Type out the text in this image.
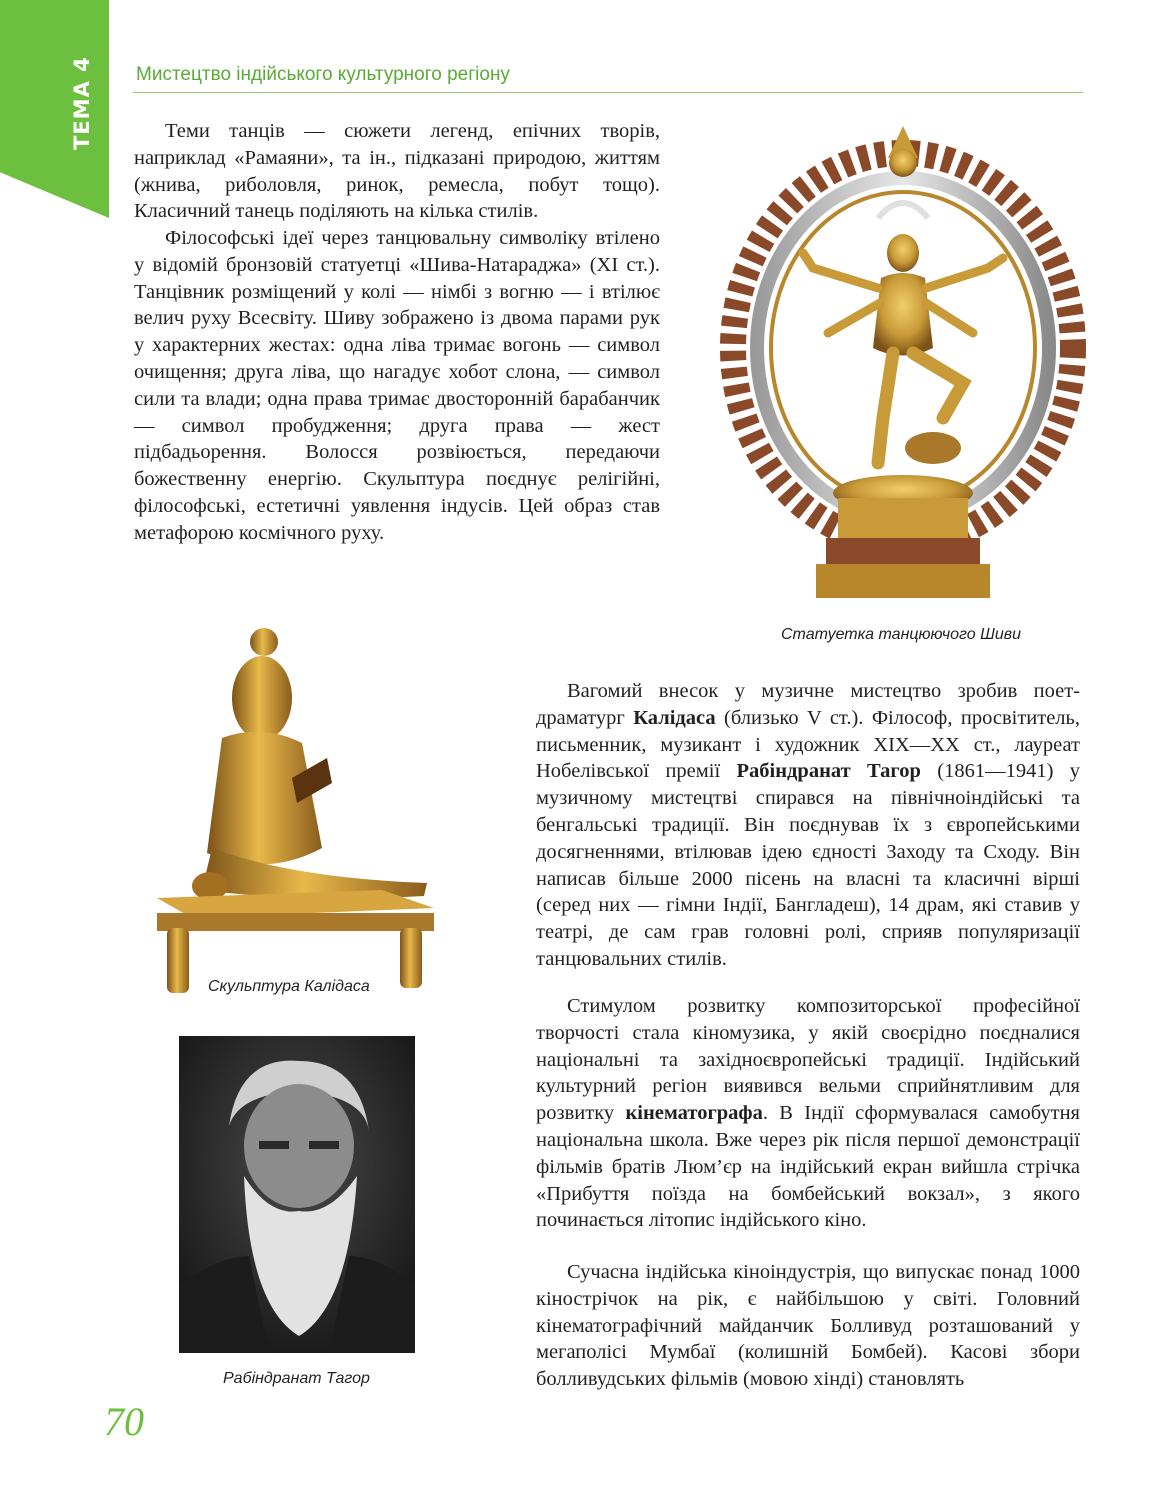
ТЕМА 4 Мистецтво індійського культурного регіону

Теми танців — сюжети легенд, епічних творів, наприклад «Рамаяни», та ін., підказані природою, життям (жнива, риболовля, ринок, ремесла, побут тощо). Класичний танець поділяють на кілька стилів.

Філософські ідеї через танцювальну символіку втілено у відомій бронзовій статуетці «Шива-Натараджа» (XI ст.). Танцівник розміщений у колі — німбі з вогню — і втілює велич руху Всесвіту. Шиву зображено із двома парами рук у характерних жестах: одна ліва тримає вогонь — символ очищення; друга ліва, що нагадує хобот слона, — символ сили та влади; одна права тримає двосторонній барабанчик — символ пробудження; друга права — жест підбадьорення. Волосся розвіюється, передаючи божественну енергію. Скульптура поєднує релігійні, філософські, естетичні уявлення індусів. Цей образ став метафорою космічного руху.

Статуетка танцюючого Шиви
Скульптура Калідаса
Рабіндранат Тагор

Вагомий внесок у музичне мистецтво зробив поет-драматург Калідаса (близько V ст.). Філософ, просвітитель, письменник, музикант і художник XIX—XX ст., лауреат Нобелівської премії Рабіндранат Тагор (1861—1941) у музичному мистецтві спирався на північноіндійські та бенгальські традиції. Він поєднував їх з європейськими досягненнями, втілював ідею єдності Заходу та Сходу. Він написав більше 2000 пісень на власні та класичні вірші (серед них — гімни Індії, Бангладеш), 14 драм, які ставив у театрі, де сам грав головні ролі, сприяв популяризації танцювальних стилів.

Стимулом розвитку композиторської професійної творчості стала кіномузика, у якій своєрідно поєдналися національні та західноєвропейські традиції. Індійський культурний регіон виявився вельми сприйнятливим для розвитку кінематографа. В Індії сформувалася самобутня національна школа. Вже через рік після першої демонстрації фільмів братів Люм’єр на індійський екран вийшла стрічка «Прибуття поїзда на бомбейський вокзал», з якого починається літопис індійського кіно.

Сучасна індійська кіноіндустрія, що випускає понад 1000 кінострічок на рік, є найбільшою у світі. Головний кінематографічний майданчик Болливуд розташований у мегаполісі Мумбаї (колишній Бомбей). Касові збори болливудських фільмів (мовою хінді) становлять

70
